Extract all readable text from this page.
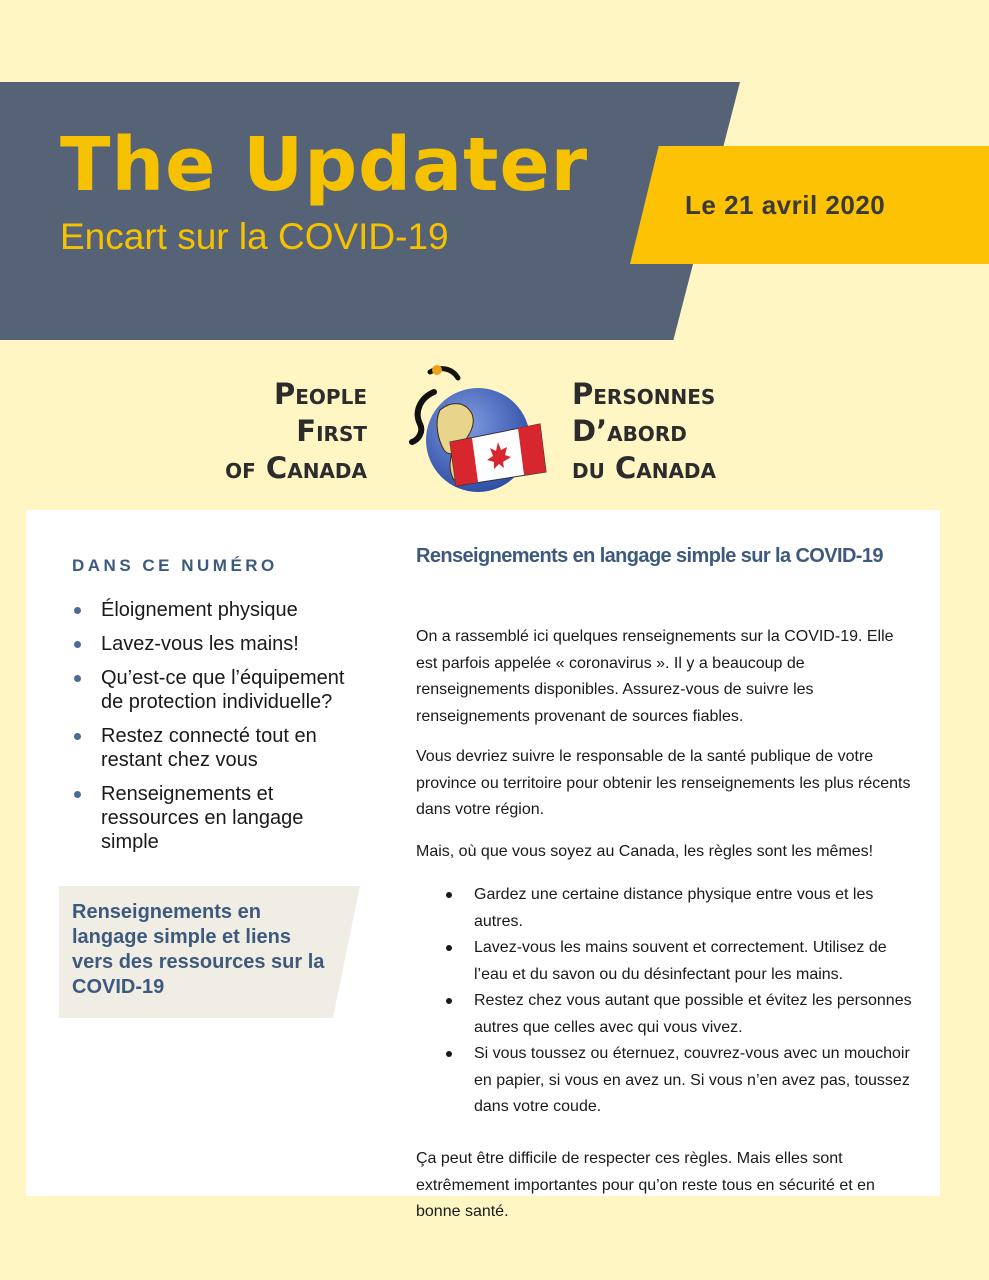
The Updater

Encart sur la COVID-19

Le 21 avril 2020
People
First
of Canada
Personnes
D’abord
du Canada
DANS CE NUMÉRO
Éloignement physique
Lavez-vous les mains!
Qu’est-ce que l’équipement de protection individuelle?
Restez connecté tout en restant chez vous
Renseignements et ressources en langage simple
Renseignements en langage simple et liens vers des ressources sur la COVID-19
Renseignements en langage simple sur la COVID-19

On a rassemblé ici quelques renseignements sur la COVID-19. Elle est parfois appelée « coronavirus ». Il y a beaucoup de renseignements disponibles. Assurez-vous de suivre les renseignements provenant de sources fiables.

Vous devriez suivre le responsable de la santé publique de votre province ou territoire pour obtenir les renseignements les plus récents dans votre région.

Mais, où que vous soyez au Canada, les règles sont les mêmes!

Gardez une certaine distance physique entre vous et les autres.
Lavez-vous les mains souvent et correctement. Utilisez de l’eau et du savon ou du désinfectant pour les mains.
Restez chez vous autant que possible et évitez les personnes autres que celles avec qui vous vivez.
Si vous toussez ou éternuez, couvrez-vous avec un mouchoir en papier, si vous en avez un. Si vous n’en avez pas, toussez dans votre coude.

Ça peut être difficile de respecter ces règles. Mais elles sont extrêmement importantes pour qu’on reste tous en sécurité et en bonne santé.
